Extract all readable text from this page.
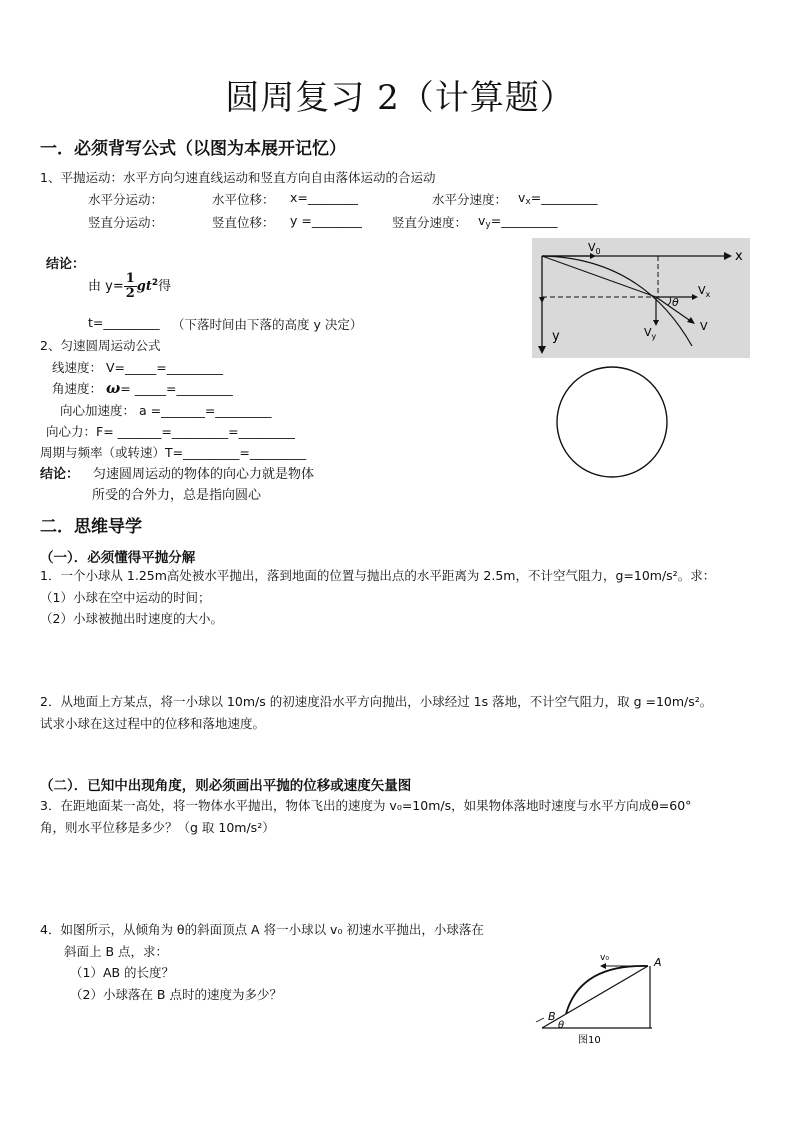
圆周复习 2（计算题）
一．必须背写公式（以图为本展开记忆）
1、平抛运动：水平方向匀速直线运动和竖直方向自由落体运动的合运动
水平分运动：	水平位移： x=________	水平分速度： $v_x=\_\_\_\_\_\_\_\_\_$
竖直分运动：	竖直位移： y =________ 竖直分速度： $v_y=\_\_\_\_\_\_\_\_\_$
结论：
由 $y= \frac{1}{2} gt^2$得
t=_________ （下落时间由下落的高度 y 决定）
2、匀速圆周运动公式
线速度： V=_____=_________
角速度： ω= _____=_________
向心加速度： a =_______=_________
向心力：F= _______=_________=_________
周期与频率（或转速）T=_________=_________
结论： 匀速圆周运动的物体的向心力就是物体
所受的合外力，总是指向圆心
$V_0$	x
y
$V_x$
$V_y$
V
θ
二．思维导学
（一）．必须懂得平抛分解
1．一个小球从 1.25m高处被水平抛出，落到地面的位置与抛出点的水平距离为 2.5m，不计空气阻力，g=10m/s²。求：
（1）小球在空中运动的时间；
（2）小球被抛出时速度的大小。
2．从地面上方某点，将一小球以 10m/s 的初速度沿水平方向抛出，小球经过 1s 落地，不计空气阻力，取 g =10m/s²。
试求小球在这过程中的位移和落地速度。
（二）．已知中出现角度，则必须画出平抛的位移或速度矢量图
3．在距地面某一高处，将一物体水平抛出，物体飞出的速度为 v₀=10m/s，如果物体落地时速度与水平方向成θ=60°
角，则水平位移是多少？（g 取 10m/s²）
4．如图所示，从倾角为 θ的斜面顶点 A 将一小球以 v₀ 初速水平抛出，小球落在
斜面上 B 点，求：
（1）AB 的长度？
（2）小球落在 B 点时的速度为多少？
v₀	A
B
θ
图10
